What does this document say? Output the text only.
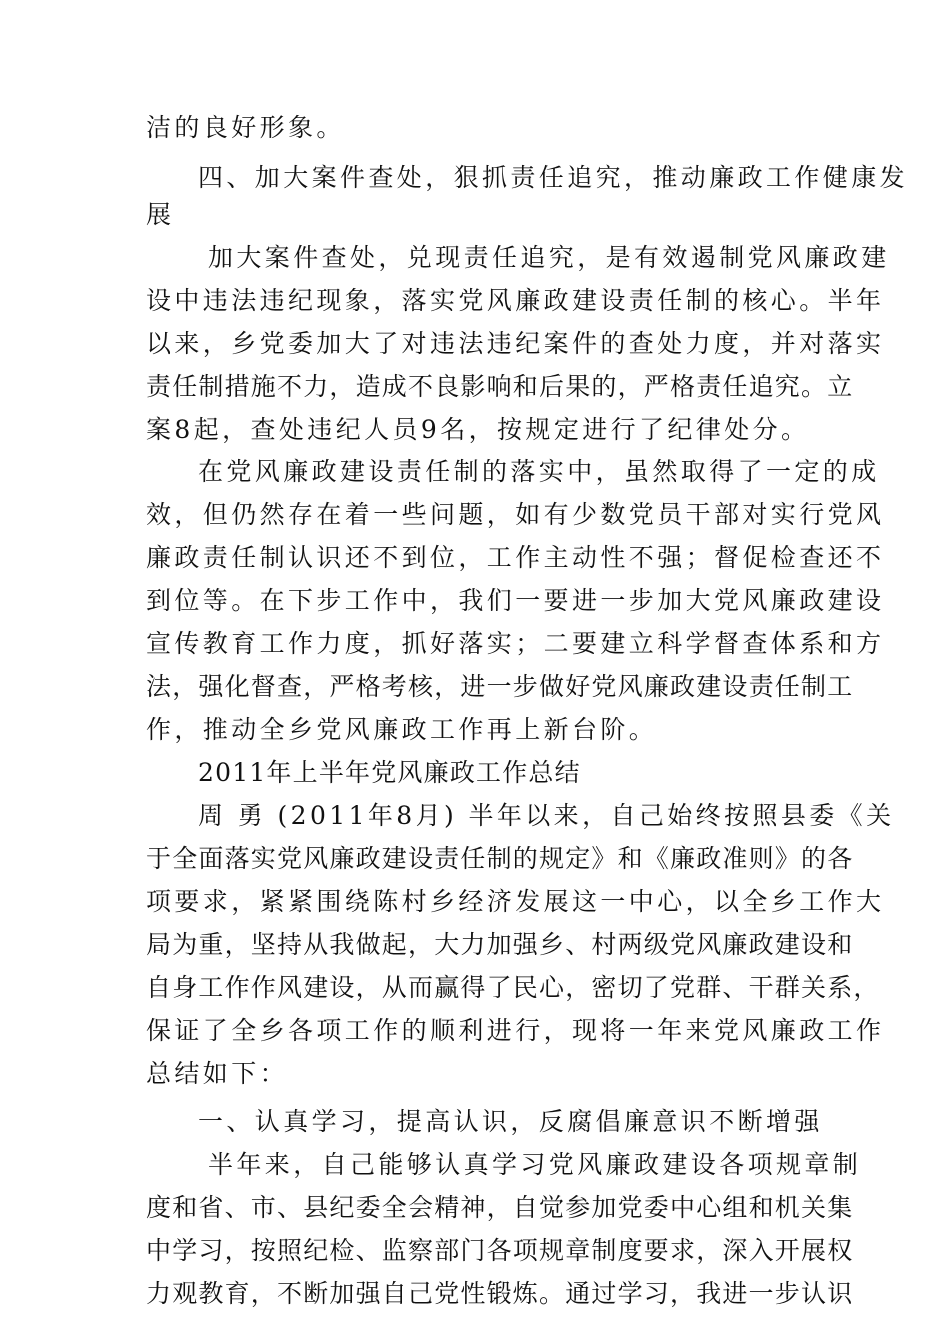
洁的良好形象。
四、加大案件查处，狠抓责任追究，推动廉政工作健康发
展
加大案件查处，兑现责任追究，是有效遏制党风廉政建
设中违法违纪现象，落实党风廉政建设责任制的核心。半年
以来，乡党委加大了对违法违纪案件的查处力度，并对落实
责任制措施不力，造成不良影响和后果的，严格责任追究。立
案8起，查处违纪人员9名，按规定进行了纪律处分。
在党风廉政建设责任制的落实中，虽然取得了一定的成
效，但仍然存在着一些问题，如有少数党员干部对实行党风
廉政责任制认识还不到位，工作主动性不强；督促检查还不
到位等。在下步工作中，我们一要进一步加大党风廉政建设
宣传教育工作力度，抓好落实；二要建立科学督查体系和方
法，强化督查，严格考核，进一步做好党风廉政建设责任制工
作，推动全乡党风廉政工作再上新台阶。
2011年上半年党风廉政工作总结
周 勇 (2011年8月) 半年以来，自己始终按照县委《关
于全面落实党风廉政建设责任制的规定》和《廉政准则》的各
项要求，紧紧围绕陈村乡经济发展这一中心，以全乡工作大
局为重，坚持从我做起，大力加强乡、村两级党风廉政建设和
自身工作作风建设，从而赢得了民心，密切了党群、干群关系，
保证了全乡各项工作的顺利进行，现将一年来党风廉政工作
总结如下：
一、认真学习，提高认识，反腐倡廉意识不断增强
半年来，自己能够认真学习党风廉政建设各项规章制
度和省、市、县纪委全会精神，自觉参加党委中心组和机关集
中学习，按照纪检、监察部门各项规章制度要求，深入开展权
力观教育，不断加强自己党性锻炼。通过学习，我进一步认识
